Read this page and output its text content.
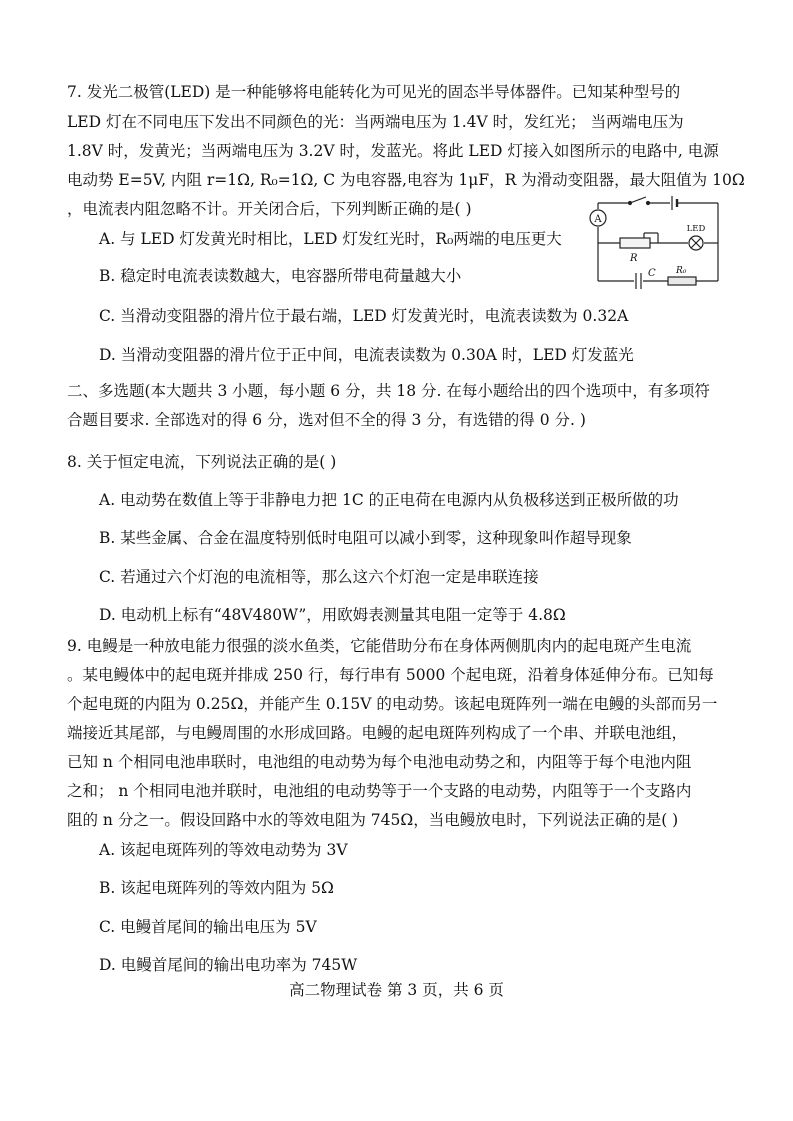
7. 发光二极管(LED) 是一种能够将电能转化为可见光的固态半导体器件。已知某种型号的
LED 灯在不同电压下发出不同颜色的光：当两端电压为 1.4V 时，发红光； 当两端电压为
1.8V 时，发黄光；当两端电压为 3.2V 时，发蓝光。将此 LED 灯接入如图所示的电路中, 电源
电动势 E=5V, 内阻 r=1Ω, R₀=1Ω, C 为电容器,电容为 1μF，R 为滑动变阻器，最大阻值为 10Ω
，电流表内阻忽略不计。开关闭合后，下列判断正确的是( )
A. 与 LED 灯发黄光时相比，LED 灯发红光时，R₀两端的电压更大
B. 稳定时电流表读数越大，电容器所带电荷量越大小
C. 当滑动变阻器的滑片位于最右端，LED 灯发黄光时，电流表读数为 0.32A
D. 当滑动变阻器的滑片位于正中间，电流表读数为 0.30A 时，LED 灯发蓝光
A
LED
R
C R₀
二、多选题(本大题共 3 小题，每小题 6 分，共 18 分. 在每小题给出的四个选项中，有多项符
合题目要求. 全部选对的得 6 分，选对但不全的得 3 分，有选错的得 0 分. )
8. 关于恒定电流，下列说法正确的是( )
A. 电动势在数值上等于非静电力把 1C 的正电荷在电源内从负极移送到正极所做的功
B. 某些金属、合金在温度特别低时电阻可以减小到零，这种现象叫作超导现象
C. 若通过六个灯泡的电流相等，那么这六个灯泡一定是串联连接
D. 电动机上标有“48V480W”，用欧姆表测量其电阻一定等于 4.8Ω
9. 电鳗是一种放电能力很强的淡水鱼类，它能借助分布在身体两侧肌肉内的起电斑产生电流
。某电鳗体中的起电斑并排成 250 行，每行串有 5000 个起电斑，沿着身体延伸分布。已知每
个起电斑的内阻为 0.25Ω，并能产生 0.15V 的电动势。该起电斑阵列一端在电鳗的头部而另一
端接近其尾部，与电鳗周围的水形成回路。电鳗的起电斑阵列构成了一个串、并联电池组，
已知 n 个相同电池串联时，电池组的电动势为每个电池电动势之和，内阻等于每个电池内阻
之和； n 个相同电池并联时，电池组的电动势等于一个支路的电动势，内阻等于一个支路内
阻的 n 分之一。假设回路中水的等效电阻为 745Ω，当电鳗放电时，下列说法正确的是( )
A. 该起电斑阵列的等效电动势为 3V
B. 该起电斑阵列的等效内阻为 5Ω
C. 电鳗首尾间的输出电压为 5V
D. 电鳗首尾间的输出电功率为 745W
高二物理试卷 第 3 页，共 6 页
